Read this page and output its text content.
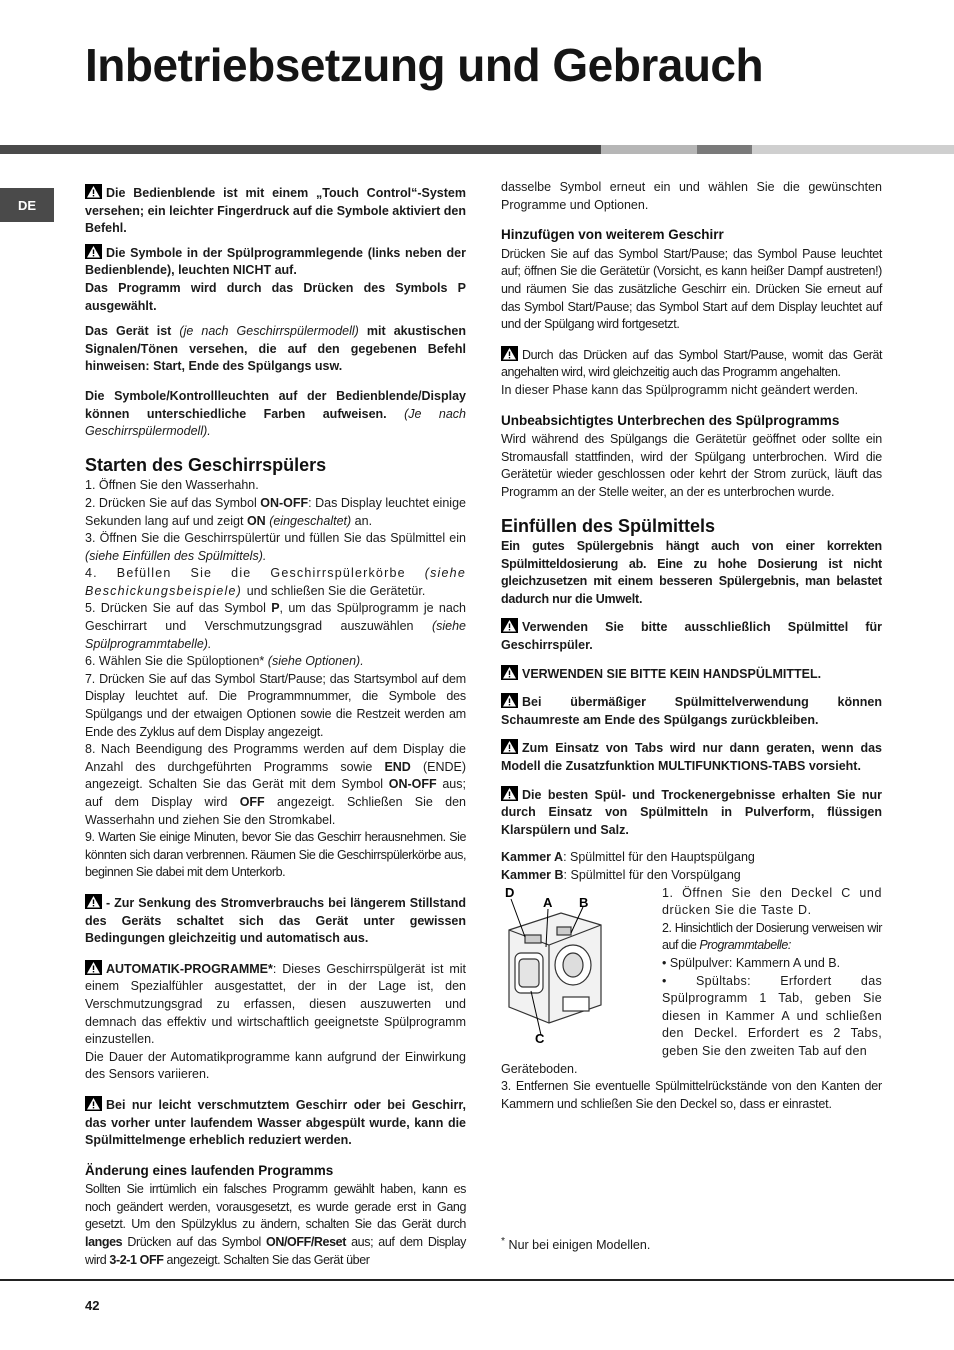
Inbetriebsetzung und Gebrauch
DE

Die Bedienblende ist mit einem „Touch Control“-System versehen; ein leichter Fingerdruck auf die Symbole aktiviert den Befehl.

Die Symbole in der Spülprogrammlegende (links neben der Bedienblende), leuchten NICHT auf.

Das Programm wird durch das Drücken des Symbols P ausgewählt.

Das Gerät ist (je nach Geschirrspülermodell) mit akustischen Signalen/Tönen versehen, die auf den gegebenen Befehl hinweisen: Start, Ende des Spülgangs usw.

Die Symbole/Kontrollleuchten auf der Bedienblende/Display können unterschiedliche Farben aufweisen. (Je nach Geschirrspülermodell).

Starten des Geschirrspülers

1. Öffnen Sie den Wasserhahn.

2. Drücken Sie auf das Symbol ON-OFF: Das Display leuchtet einige Sekunden lang auf und zeigt ON (eingeschaltet) an.

3. Öffnen Sie die Geschirrspülertür und füllen Sie das Spülmittel ein (siehe Einfüllen des Spülmittels).

4. Befüllen Sie die Geschirrspülerkörbe (siehe Beschickungsbeispiele) und schließen Sie die Gerätetür.

5. Drücken Sie auf das Symbol P, um das Spülprogramm je nach Geschirrart und Verschmutzungsgrad auszuwählen (siehe Spülprogrammtabelle).

6. Wählen Sie die Spüloptionen* (siehe Optionen).

7. Drücken Sie auf das Symbol Start/Pause; das Startsymbol auf dem Display leuchtet auf. Die Programmnummer, die Symbole des Spülgangs und der etwaigen Optionen sowie die Restzeit werden am Ende des Zyklus auf dem Display angezeigt.

8. Nach Beendigung des Programms werden auf dem Display die Anzahl des durchgeführten Programms sowie END (ENDE) angezeigt. Schalten Sie das Gerät mit dem Symbol ON-OFF aus; auf dem Display wird OFF angezeigt. Schließen Sie den Wasserhahn und ziehen Sie den Stromkabel.

9. Warten Sie einige Minuten, bevor Sie das Geschirr herausnehmen. Sie könnten sich daran verbrennen. Räumen Sie die Geschirrspülerkörbe aus, beginnen Sie dabei mit dem Unterkorb.

- Zur Senkung des Stromverbrauchs bei längerem Stillstand des Geräts schaltet sich das Gerät unter gewissen Bedingungen gleichzeitig und automatisch aus.

AUTOMATIK-PROGRAMME*: Dieses Geschirrspülgerät ist mit einem Spezialfühler ausgestattet, der in der Lage ist, den Verschmutzungsgrad zu erfassen, diesen auszuwerten und demnach das effektiv und wirtschaftlich geeignetste Spülprogramm einzustellen.

Die Dauer der Automatikprogramme kann aufgrund der Einwirkung des Sensors variieren.

Bei nur leicht verschmutztem Geschirr oder bei Geschirr, das vorher unter laufendem Wasser abgespült wurde, kann die Spülmittelmenge erheblich reduziert werden.

Änderung eines laufenden Programms

Sollten Sie irrtümlich ein falsches Programm gewählt haben, kann es noch geändert werden, vorausgesetzt, es wurde gerade erst in Gang gesetzt. Um den Spülzyklus zu ändern, schalten Sie das Gerät durch langes Drücken auf das Symbol ON/OFF/Reset aus; auf dem Display wird 3-2-1 OFF angezeigt. Schalten Sie das Gerät über

dasselbe Symbol erneut ein und wählen Sie die gewünschten Programme und Optionen.

Hinzufügen von weiterem Geschirr

Drücken Sie auf das Symbol Start/Pause; das Symbol Pause leuchtet auf; öffnen Sie die Gerätetür (Vorsicht, es kann heißer Dampf austreten!) und räumen Sie das zusätzliche Geschirr ein. Drücken Sie erneut auf das Symbol Start/Pause; das Symbol Start auf dem Display leuchtet auf und der Spülgang wird fortgesetzt.

Durch das Drücken auf das Symbol Start/Pause, womit das Gerät angehalten wird, wird gleichzeitig auch das Programm angehalten.

In dieser Phase kann das Spülprogramm nicht geändert werden.

Unbeabsichtigtes Unterbrechen des Spülprogramms

Wird während des Spülgangs die Gerätetür geöffnet oder sollte ein Stromausfall stattfinden, wird der Spülgang unterbrochen. Wird die Gerätetür wieder geschlossen oder kehrt der Strom zurück, läuft das Programm an der Stelle weiter, an der es unterbrochen wurde.

Einfüllen des Spülmittels

Ein gutes Spülergebnis hängt auch von einer korrekten Spülmitteldosierung ab. Eine zu hohe Dosierung ist nicht gleichzusetzen mit einem besseren Spülergebnis, man belastet dadurch nur die Umwelt.

Verwenden Sie bitte ausschließlich Spülmittel für Geschirrspüler.

VERWENDEN SIE BITTE KEIN HANDSPÜLMITTEL.

Bei übermäßiger Spülmittelverwendung können Schaumreste am Ende des Spülgangs zurückbleiben.

Zum Einsatz von Tabs wird nur dann geraten, wenn das Modell die Zusatzfunktion MULTIFUNKTIONS-TABS vorsieht.

Die besten Spül- und Trockenergebnisse erhalten Sie nur durch Einsatz von Spülmitteln in Pulverform, flüssigen Klarspülern und Salz.

Kammer A: Spülmittel für den Hauptspülgang

Kammer B: Spülmittel für den Vorspülgang

D
A B
C

1. Öffnen Sie den Deckel C und drücken Sie die Taste D.

2. Hinsichtlich der Dosierung verweisen wir auf die Programmtabelle:

• Spülpulver: Kammern A und B.

• Spültabs: Erfordert das Spülprogramm 1 Tab, geben Sie diesen in Kammer A und schließen den Deckel. Erfordert es 2 Tabs, geben Sie den zweiten Tab auf den

Geräteboden.

3. Entfernen Sie eventuelle Spülmittelrückstände von den Kanten der Kammern und schließen Sie den Deckel so, dass er einrastet.

* Nur bei einigen Modellen.
42
